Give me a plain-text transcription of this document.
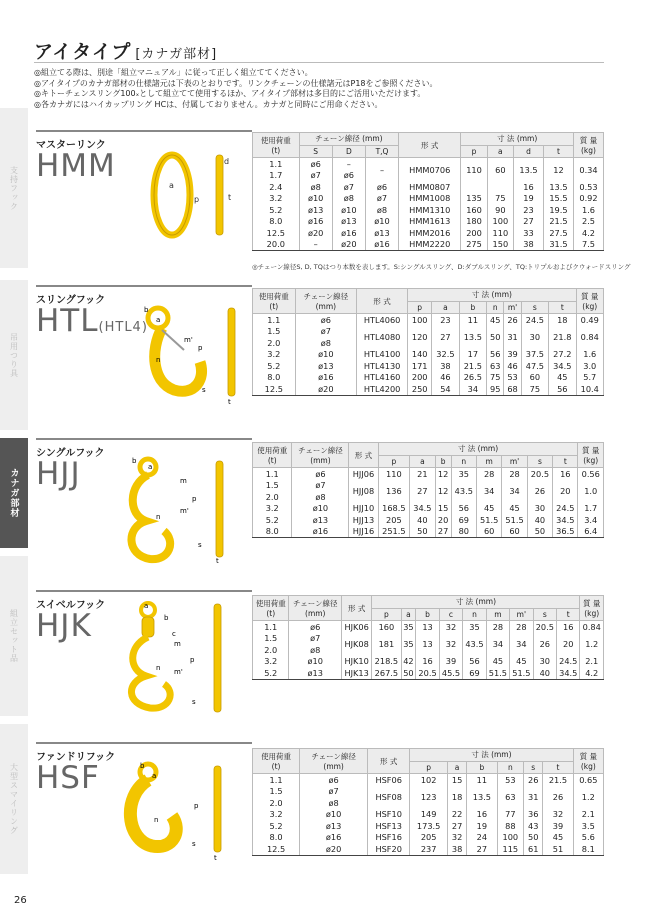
アイタイプ [カナガ部材]
◎組立てる際は、別途「組立マニュアル」に従って正しく組立ててください。
◎アイタイプのカナガ部材の仕様諸元は下表のとおりです。リンクチェーンの仕様諸元はP18をご参照ください。
◎キトーチェンスリング100ₓとして組立てて使用するほか、アイタイプ部材は多目的にご活用いただけます。
◎各カナガにはハイカップリング HCは、付属しておりません。カナガと同時にご用命ください。
支持フック
吊用つり具
カナガ部材
組立セット品
大型スマイリング
マスターリンク
HMM
a
p
d
t
使用荷重
(t)	チェーン線径 (mm)			形 式	寸 法 (mm)				質 量
(kg)
	S	D	T,Q		p	a	d	t	
1.1	ø6	–	–	HMM0706	110	60	13.5	12	0.34
1.7	ø7	ø6							
2.4	ø8	ø7	ø6	HMM0807			16	13.5	0.53
3.2	ø10	ø8	ø7	HMM1008	135	75	19	15.5	0.92
5.2	ø13	ø10	ø8	HMM1310	160	90	23	19.5	1.6
8.0	ø16	ø13	ø10	HMM1613	180	100	27	21.5	2.5
12.5	ø20	ø16	ø13	HMM2016	200	110	33	27.5	4.2
20.0	–	ø20	ø16	HMM2220	275	150	38	31.5	7.5
◎チェーン線径S, D, TQはつり本数を表します。S:シングルスリング、D:ダブルスリング、TQ:トリプルおよびクウォードスリング
スリングフック
HTL(HTL4)
b
a
m'
p
n
s
t
使用荷重
(t)	チェーン線径
(mm)	形 式	寸 法 (mm)							質 量
(kg)
			p	a	b	n	m'	s	t	
1.1	ø6	HTL4060	100	23	11	45	26	24.5	18	0.49
1.5	ø7	HTL4080	120	27	13.5	50	31	30	21.8	0.84
2.0	ø8									
3.2	ø10	HTL4100	140	32.5	17	56	39	37.5	27.2	1.6
5.2	ø13	HTL4130	171	38	21.5	63	46	47.5	34.5	3.0
8.0	ø16	HTL4160	200	46	26.5	75	53	60	45	5.7
12.5	ø20	HTL4200	250	54	34	95	68	75	56	10.4
シングルフック
HJJ	b
a
m
p
m'
n
s
t
使用荷重
(t)	チェーン線径
(mm)	形 式	寸 法 (mm)								質 量
(kg)
			p	a	b	n	m	m'	s	t	
1.1	ø6	HJJ06	110	21	12	35	28	28	20.5	16	0.56
1.5	ø7	HJJ08	136	27	12	43.5	34	34	26	20	1.0
2.0	ø8										
3.2	ø10	HJJ10	168.5	34.5	15	56	45	45	30	24.5	1.7
5.2	ø13	HJJ13	205	40	20	69	51.5	51.5	40	34.5	3.4
8.0	ø16	HJJ16	251.5	50	27	80	60	60	50	36.5	6.4
スイベルフック
HJK
a
b
c
m
p
m'
n
s
使用荷重
(t)	チェーン線径
(mm)	形 式	寸 法 (mm)									質 量
(kg)
			p	a	b	c	n	m	m'	s	t	
1.1	ø6	HJK06	160	35	13	32	35	28	28	20.5	16	0.84
1.5	ø7	HJK08	181	35	13	32	43.5	34	34	26	20	1.2
2.0	ø8											
3.2	ø10	HJK10	218.5	42	16	39	56	45	45	30	24.5	2.1
5.2	ø13	HJK13	267.5	50	20.5	45.5	69	51.5	51.5	40	34.5	4.2
ファンドリフック
HSF	b
a
p
n
s
t
使用荷重
(t)	チェーン線径
(mm)	形 式	寸 法 (mm)						質 量
(kg)
			p	a	b	n	s	t	
1.1	ø6	HSF06	102	15	11	53	26	21.5	0.65
1.5	ø7	HSF08	123	18	13.5	63	31	26	1.2
2.0	ø8								
3.2	ø10	HSF10	149	22	16	77	36	32	2.1
5.2	ø13	HSF13	173.5	27	19	88	43	39	3.5
8.0	ø16	HSF16	205	32	24	100	50	45	5.6
12.5	ø20	HSF20	237	38	27	115	61	51	8.1
26
